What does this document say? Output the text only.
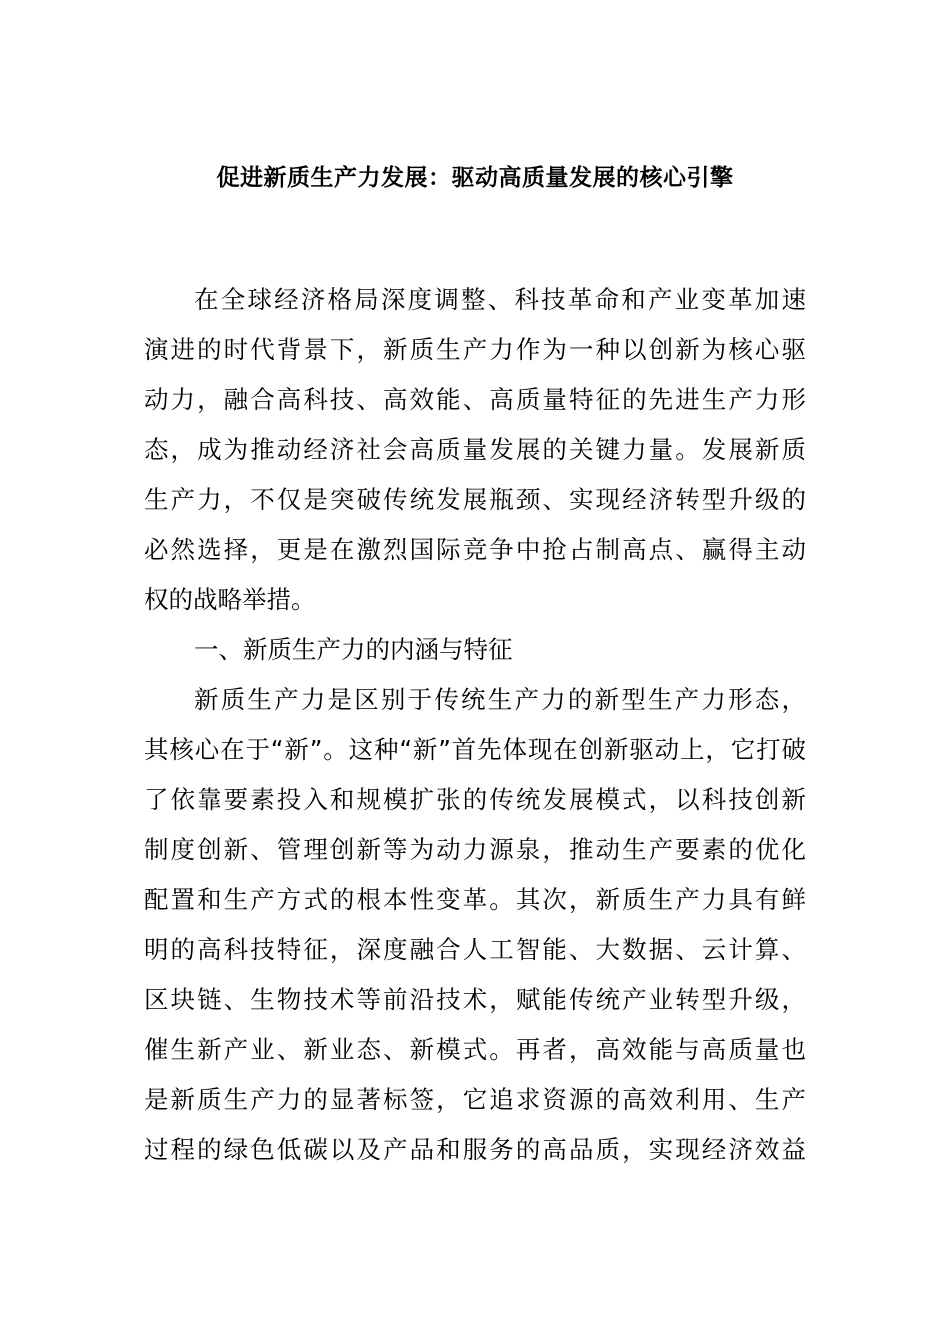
促进新质生产力发展：驱动高质量发展的核心引擎
在全球经济格局深度调整、科技革命和产业变革加速
演进的时代背景下，新质生产力作为一种以创新为核心驱
动力，融合高科技、高效能、高质量特征的先进生产力形
态，成为推动经济社会高质量发展的关键力量。发展新质
生产力，不仅是突破传统发展瓶颈、实现经济转型升级的
必然选择，更是在激烈国际竞争中抢占制高点、赢得主动
权的战略举措。
一、新质生产力的内涵与特征
新质生产力是区别于传统生产力的新型生产力形态，
其核心在于“新”。这种“新”首先体现在创新驱动上，它打破
了依靠要素投入和规模扩张的传统发展模式，以科技创新
制度创新、管理创新等为动力源泉，推动生产要素的优化
配置和生产方式的根本性变革。其次，新质生产力具有鲜
明的高科技特征，深度融合人工智能、大数据、云计算、
区块链、生物技术等前沿技术，赋能传统产业转型升级，
催生新产业、新业态、新模式。再者，高效能与高质量也
是新质生产力的显著标签，它追求资源的高效利用、生产
过程的绿色低碳以及产品和服务的高品质，实现经济效益
